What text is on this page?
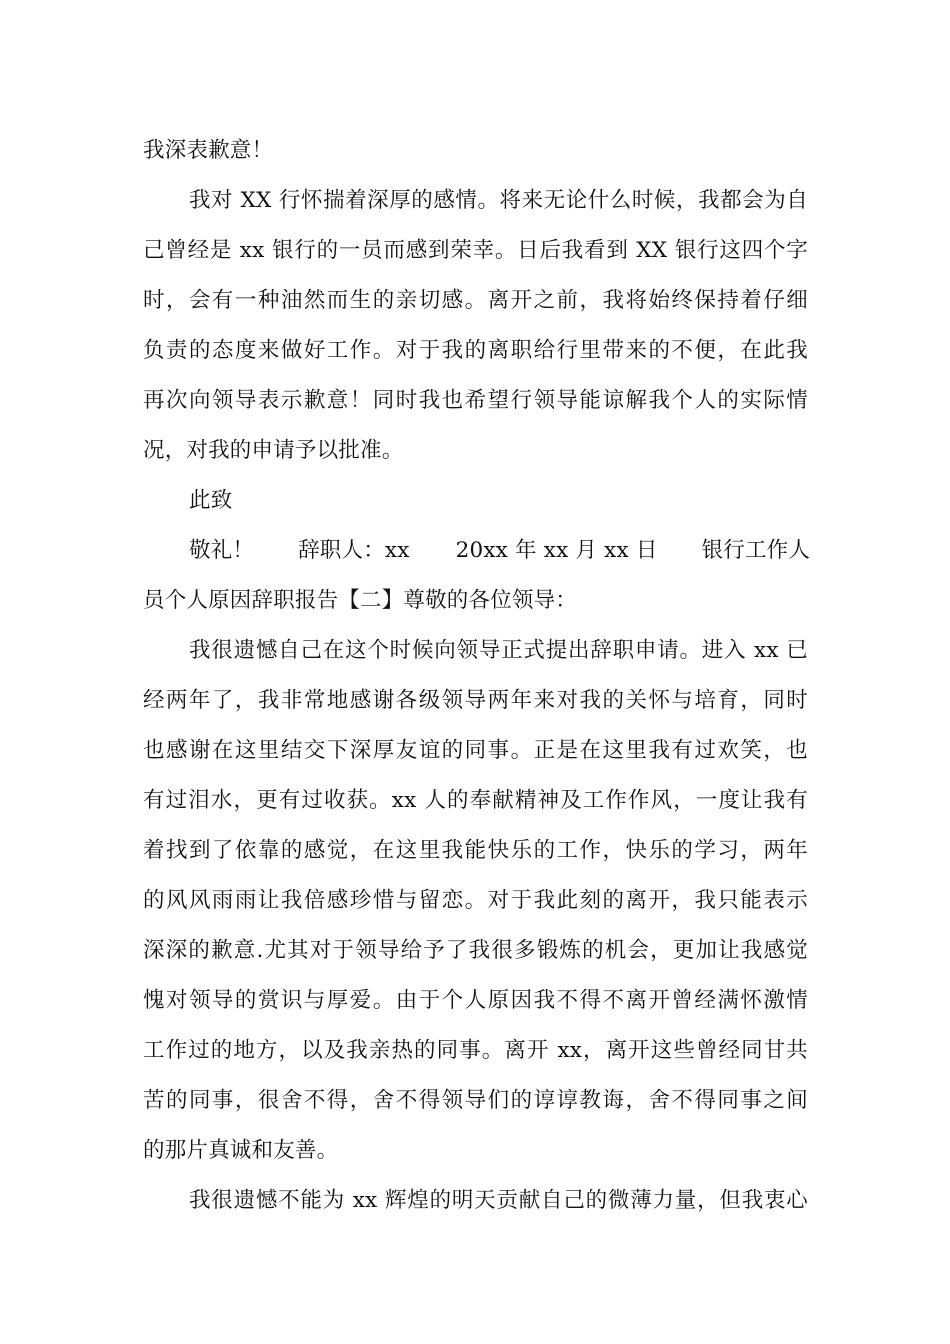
我深表歉意！

我对 XX 行怀揣着深厚的感情。将来无论什么时候，我都会为自

己曾经是 xx 银行的一员而感到荣幸。日后我看到 XX 银行这四个字

时，会有一种油然而生的亲切感。离开之前，我将始终保持着仔细

负责的态度来做好工作。对于我的离职给行里带来的不便，在此我

再次向领导表示歉意！同时我也希望行领导能谅解我个人的实际情

况，对我的申请予以批准。

此致

敬礼！ 辞职人：xx 20xx 年 xx 月 xx 日 银行工作人

员个人原因辞职报告【二】尊敬的各位领导：

我很遗憾自己在这个时候向领导正式提出辞职申请。进入 xx 已

经两年了，我非常地感谢各级领导两年来对我的关怀与培育，同时

也感谢在这里结交下深厚友谊的同事。正是在这里我有过欢笑，也

有过泪水，更有过收获。xx 人的奉献精神及工作作风，一度让我有

着找到了依靠的感觉，在这里我能快乐的工作，快乐的学习，两年

的风风雨雨让我倍感珍惜与留恋。对于我此刻的离开，我只能表示

深深的歉意.尤其对于领导给予了我很多锻炼的机会，更加让我感觉

愧对领导的赏识与厚爱。由于个人原因我不得不离开曾经满怀激情

工作过的地方，以及我亲热的同事。离开 xx，离开这些曾经同甘共

苦的同事，很舍不得，舍不得领导们的谆谆教诲，舍不得同事之间

的那片真诚和友善。

我很遗憾不能为 xx 辉煌的明天贡献自己的微薄力量，但我衷心
